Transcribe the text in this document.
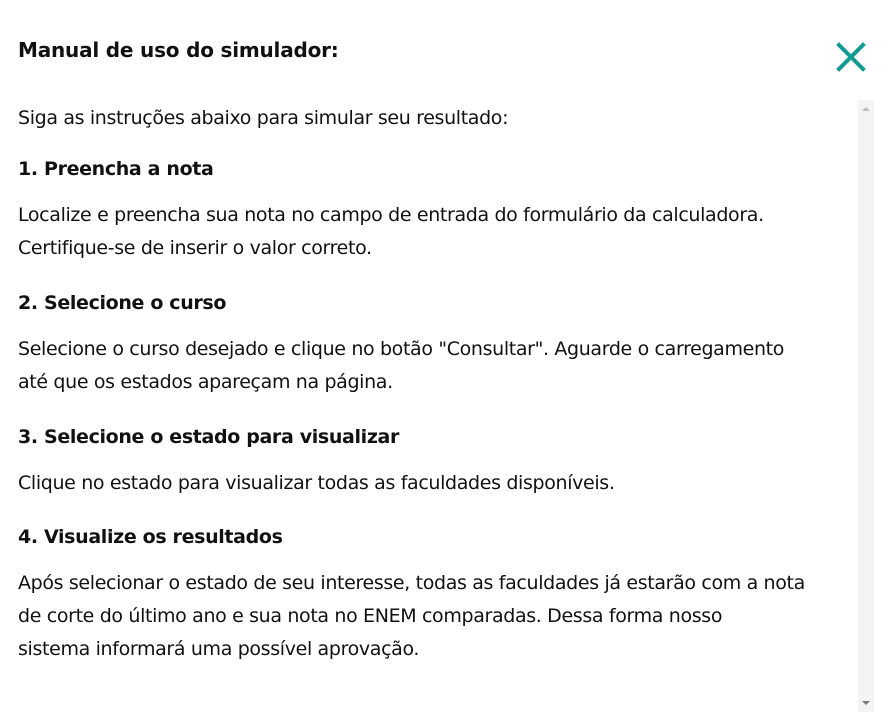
Manual de uso do simulador:

Siga as instruções abaixo para simular seu resultado:

1. Preencha a nota

Localize e preencha sua nota no campo de entrada do formulário da calculadora.

Certifique-se de inserir o valor correto.

2. Selecione o curso

Selecione o curso desejado e clique no botão "Consultar". Aguarde o carregamento

até que os estados apareçam na página.

3. Selecione o estado para visualizar

Clique no estado para visualizar todas as faculdades disponíveis.

4. Visualize os resultados

Após selecionar o estado de seu interesse, todas as faculdades já estarão com a nota

de corte do último ano e sua nota no ENEM comparadas. Dessa forma nosso

sistema informará uma possível aprovação.
